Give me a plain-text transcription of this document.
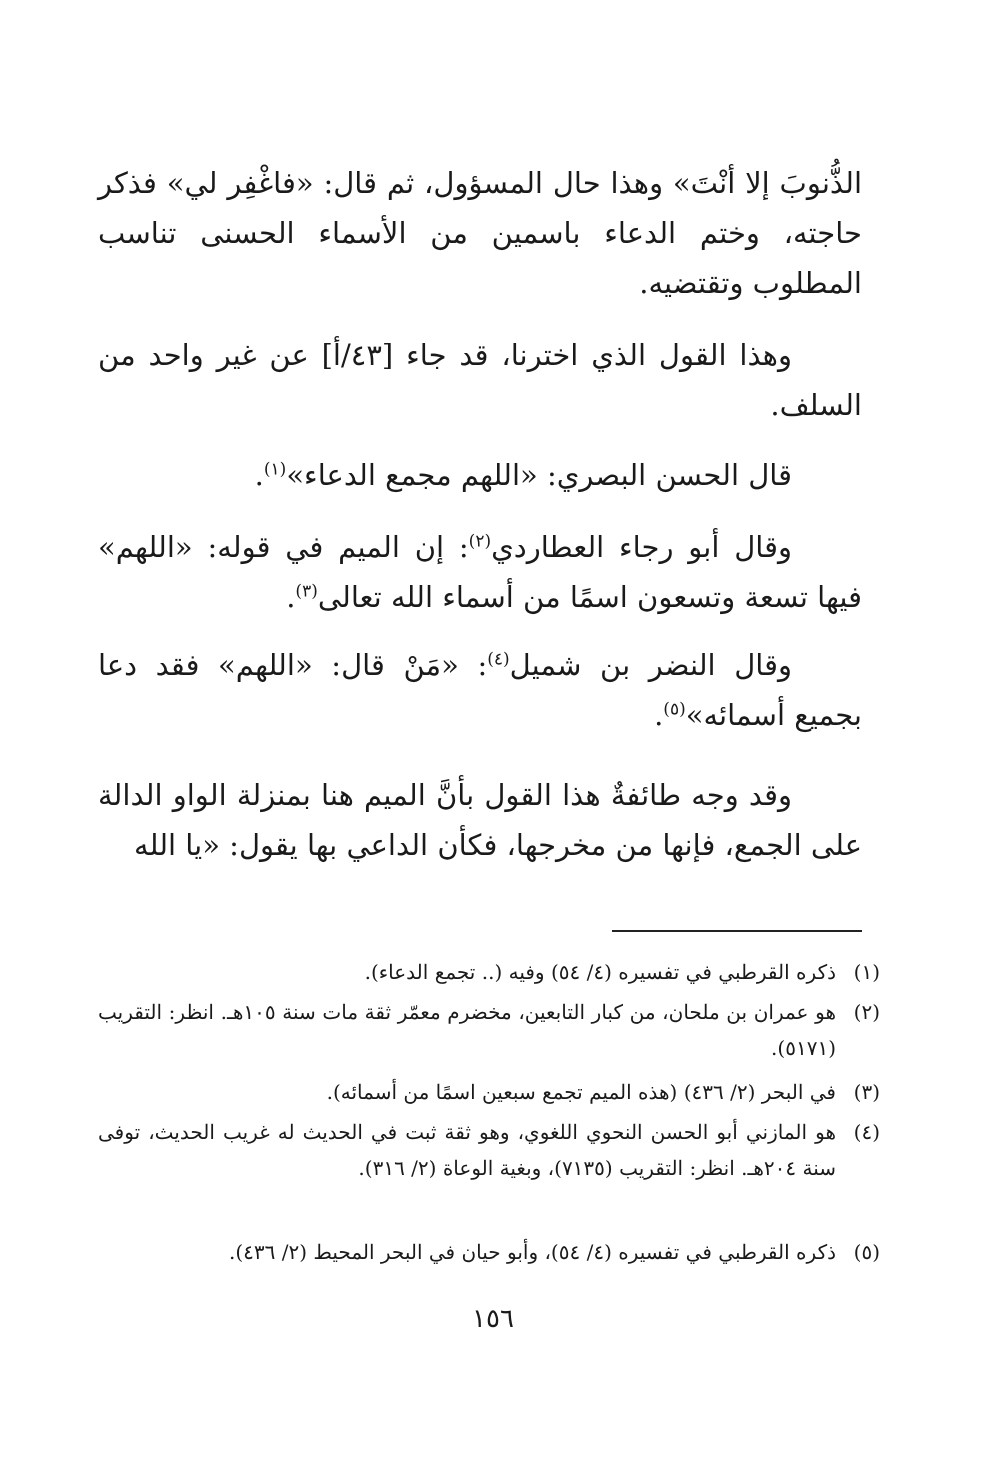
الذُّنوبَ إلا أنْتَ» وهذا حال المسؤول، ثم قال: «فاغْفِر لي» فذكر حاجته، وختم الدعاء باسمين من الأسماء الحسنى تناسب المطلوب وتقتضيه.
وهذا القول الذي اخترنا، قد جاء [٤٣/أ] عن غير واحد من السلف.
قال الحسن البصري: «اللهم مجمع الدعاء»$^{(١)}$.
وقال أبو رجاء العطاردي$^{(٢)}$: إن الميم في قوله: «اللهم» فيها تسعة وتسعون اسمًا من أسماء الله تعالى$^{(٣)}$.
وقال النضر بن شميل$^{(٤)}$: «مَنْ قال: «اللهم» فقد دعا بجميع أسمائه»$^{(٥)}$.
وقد وجه طائفةٌ هذا القول بأنَّ الميم هنا بمنزلة الواو الدالة على الجمع، فإنها من مخرجها، فكأن الداعي بها يقول: «يا الله
(١)
ذكره القرطبي في تفسيره (٤/ ٥٤) وفيه (.. تجمع الدعاء).
(٢)
هو عمران بن ملحان، من كبار التابعين، مخضرم معمّر ثقة مات سنة ١٠٥هـ. انظر: التقريب (٥١٧١).
(٣)
في البحر (٢/ ٤٣٦) (هذه الميم تجمع سبعين اسمًا من أسمائه).
(٤)
هو المازني أبو الحسن النحوي اللغوي، وهو ثقة ثبت في الحديث له غريب الحديث، توفى سنة ٢٠٤هـ. انظر: التقريب (٧١٣٥)، وبغية الوعاة (٢/ ٣١٦).
(٥)
ذكره القرطبي في تفسيره (٤/ ٥٤)، وأبو حيان في البحر المحيط (٢/ ٤٣٦).
١٥٦
